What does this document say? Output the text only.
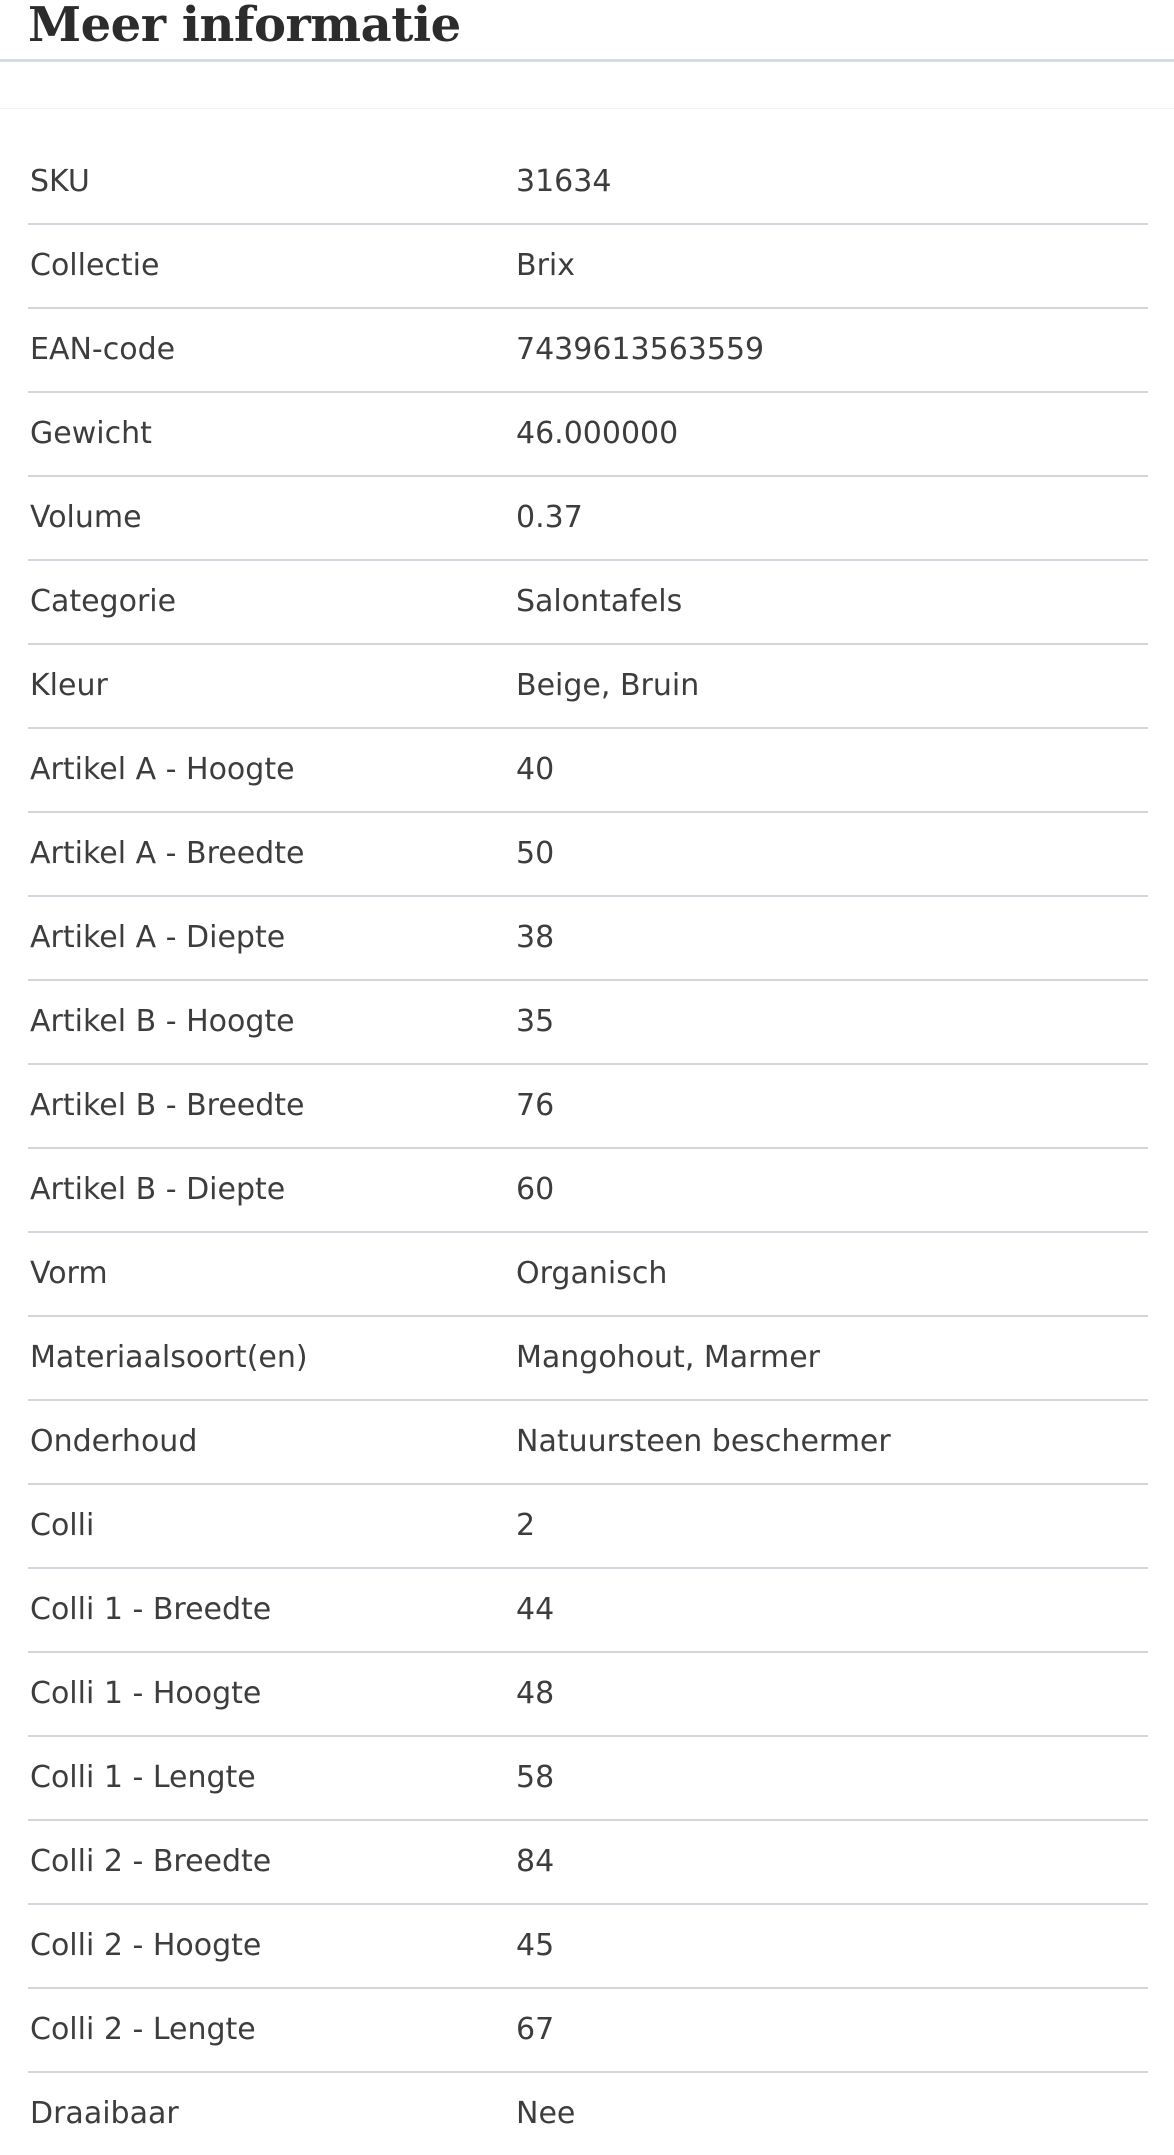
Meer informatie
SKU	31634
Collectie	Brix
EAN-code	7439613563559
Gewicht	46.000000
Volume	0.37
Categorie	Salontafels
Kleur	Beige, Bruin
Artikel A - Hoogte	40
Artikel A - Breedte	50
Artikel A - Diepte	38
Artikel B - Hoogte	35
Artikel B - Breedte	76
Artikel B - Diepte	60
Vorm	Organisch
Materiaalsoort(en)	Mangohout, Marmer
Onderhoud	Natuursteen beschermer
Colli	2
Colli 1 - Breedte	44
Colli 1 - Hoogte	48
Colli 1 - Lengte	58
Colli 2 - Breedte	84
Colli 2 - Hoogte	45
Colli 2 - Lengte	67
Draaibaar	Nee
